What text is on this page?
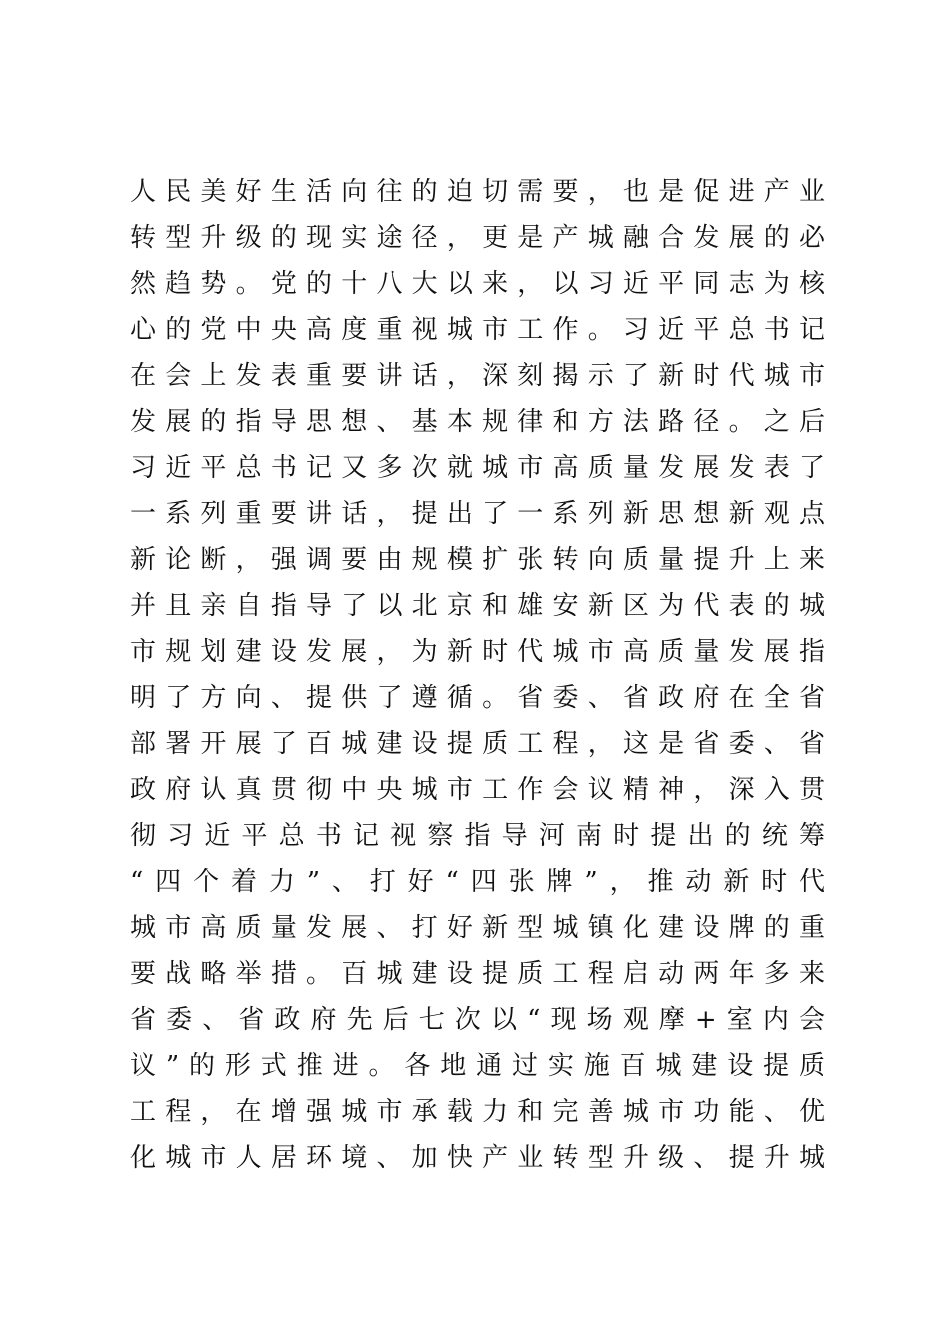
人民美好生活向往的迫切需要，也是促进产业
转型升级的现实途径，更是产城融合发展的必
然趋势。党的十八大以来，以习近平同志为核
心的党中央高度重视城市工作。习近平总书记
在会上发表重要讲话，深刻揭示了新时代城市
发展的指导思想、基本规律和方法路径。之后
习近平总书记又多次就城市高质量发展发表了
一系列重要讲话，提出了一系列新思想新观点
新论断，强调要由规模扩张转向质量提升上来
并且亲自指导了以北京和雄安新区为代表的城
市规划建设发展，为新时代城市高质量发展指
明了方向、提供了遵循。省委、省政府在全省
部署开展了百城建设提质工程，这是省委、省
政府认真贯彻中央城市工作会议精神，深入贯
彻习近平总书记视察指导河南时提出的统筹
“四个着力”、打好“四张牌”，推动新时代
城市高质量发展、打好新型城镇化建设牌的重
要战略举措。百城建设提质工程启动两年多来
省委、省政府先后七次以“现场观摩+室内会
议”的形式推进。各地通过实施百城建设提质
工程，在增强城市承载力和完善城市功能、优
化城市人居环境、加快产业转型升级、提升城
